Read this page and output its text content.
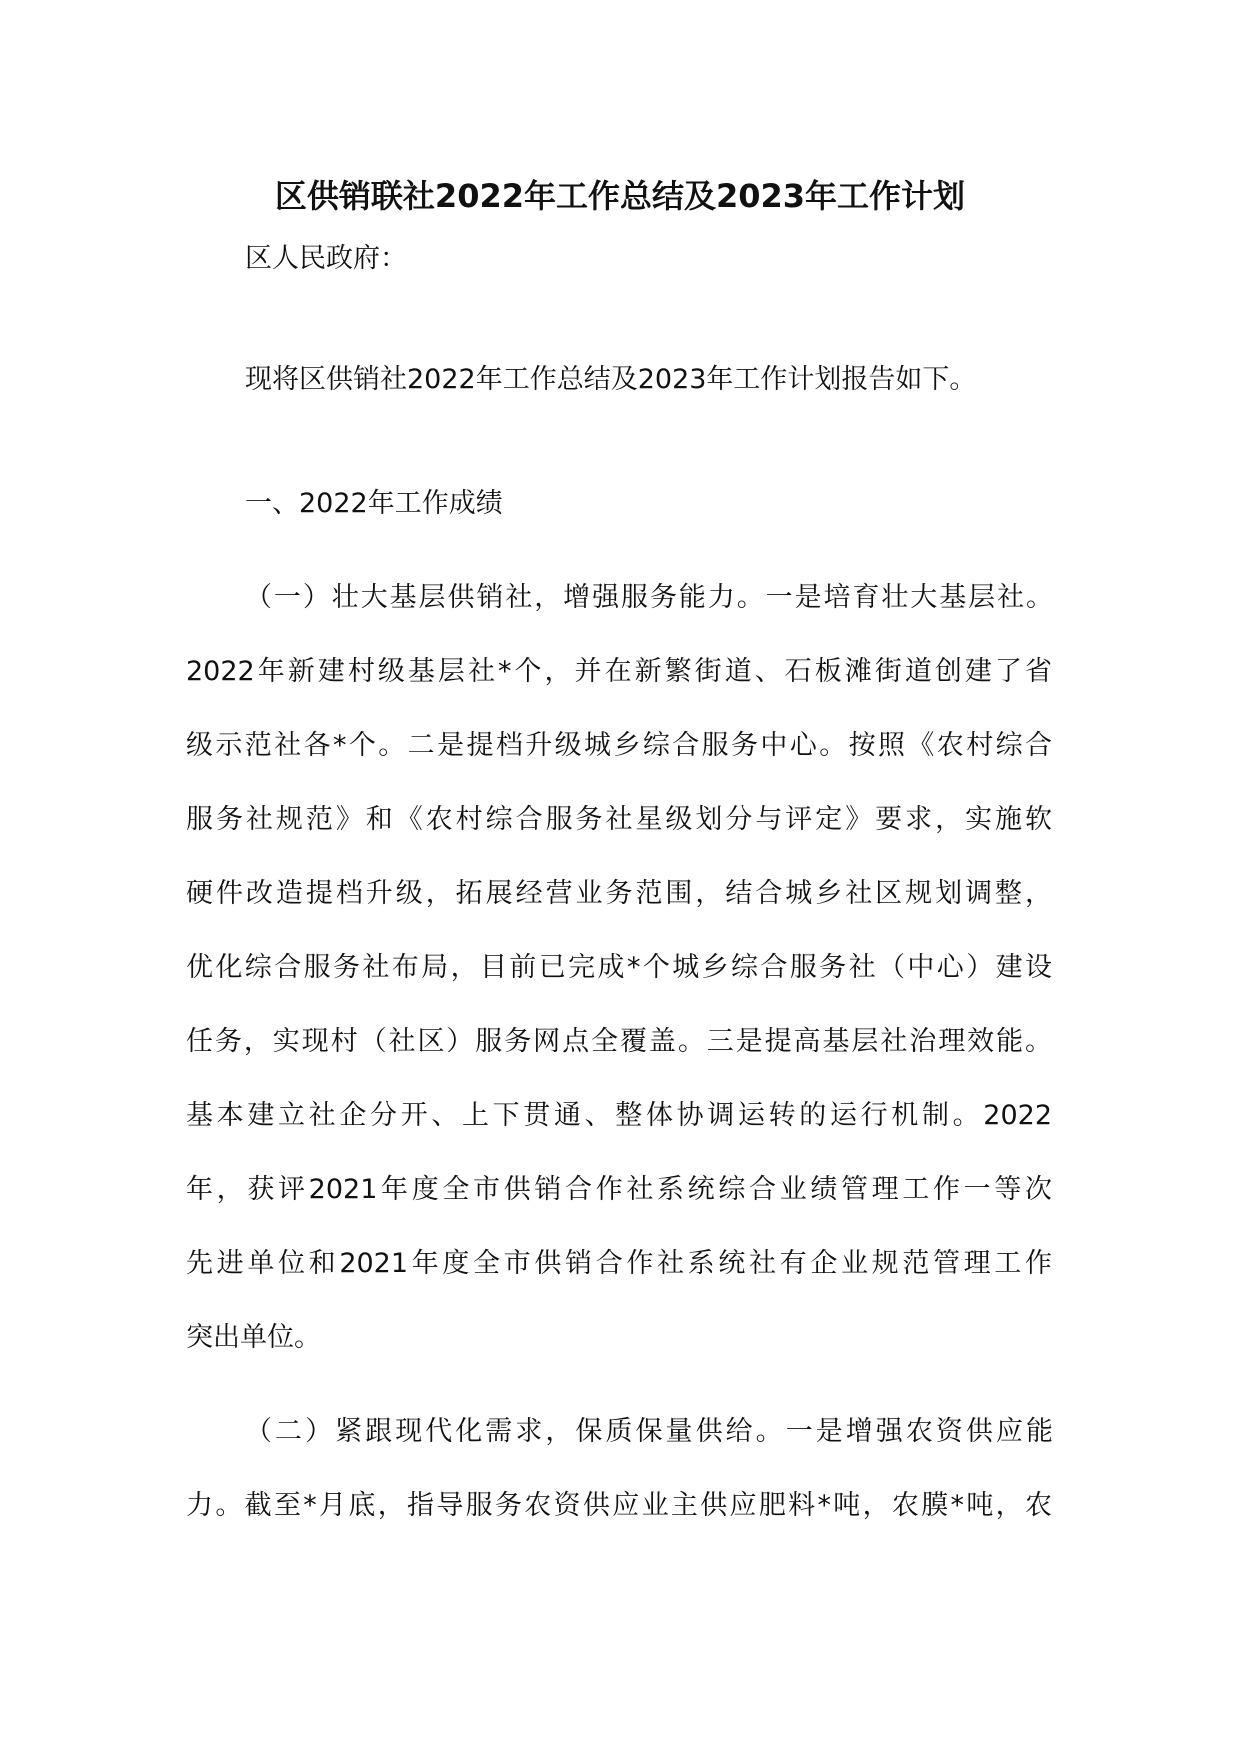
区供销联社2022年工作总结及2023年工作计划
区人民政府：
现将区供销社2022年工作总结及2023年工作计划报告如下。
一、2022年工作成绩
（一）壮大基层供销社，增强服务能力。一是培育壮大基层社。
2022年新建村级基层社*个，并在新繁街道、石板滩街道创建了省
级示范社各*个。二是提档升级城乡综合服务中心。按照《农村综合
服务社规范》和《农村综合服务社星级划分与评定》要求，实施软
硬件改造提档升级，拓展经营业务范围，结合城乡社区规划调整，
优化综合服务社布局，目前已完成*个城乡综合服务社（中心）建设
任务，实现村（社区）服务网点全覆盖。三是提高基层社治理效能。
基本建立社企分开、上下贯通、整体协调运转的运行机制。2022
年，获评2021年度全市供销合作社系统综合业绩管理工作一等次
先进单位和2021年度全市供销合作社系统社有企业规范管理工作
突出单位。
（二）紧跟现代化需求，保质保量供给。一是增强农资供应能
力。截至*月底，指导服务农资供应业主供应肥料*吨，农膜*吨，农
